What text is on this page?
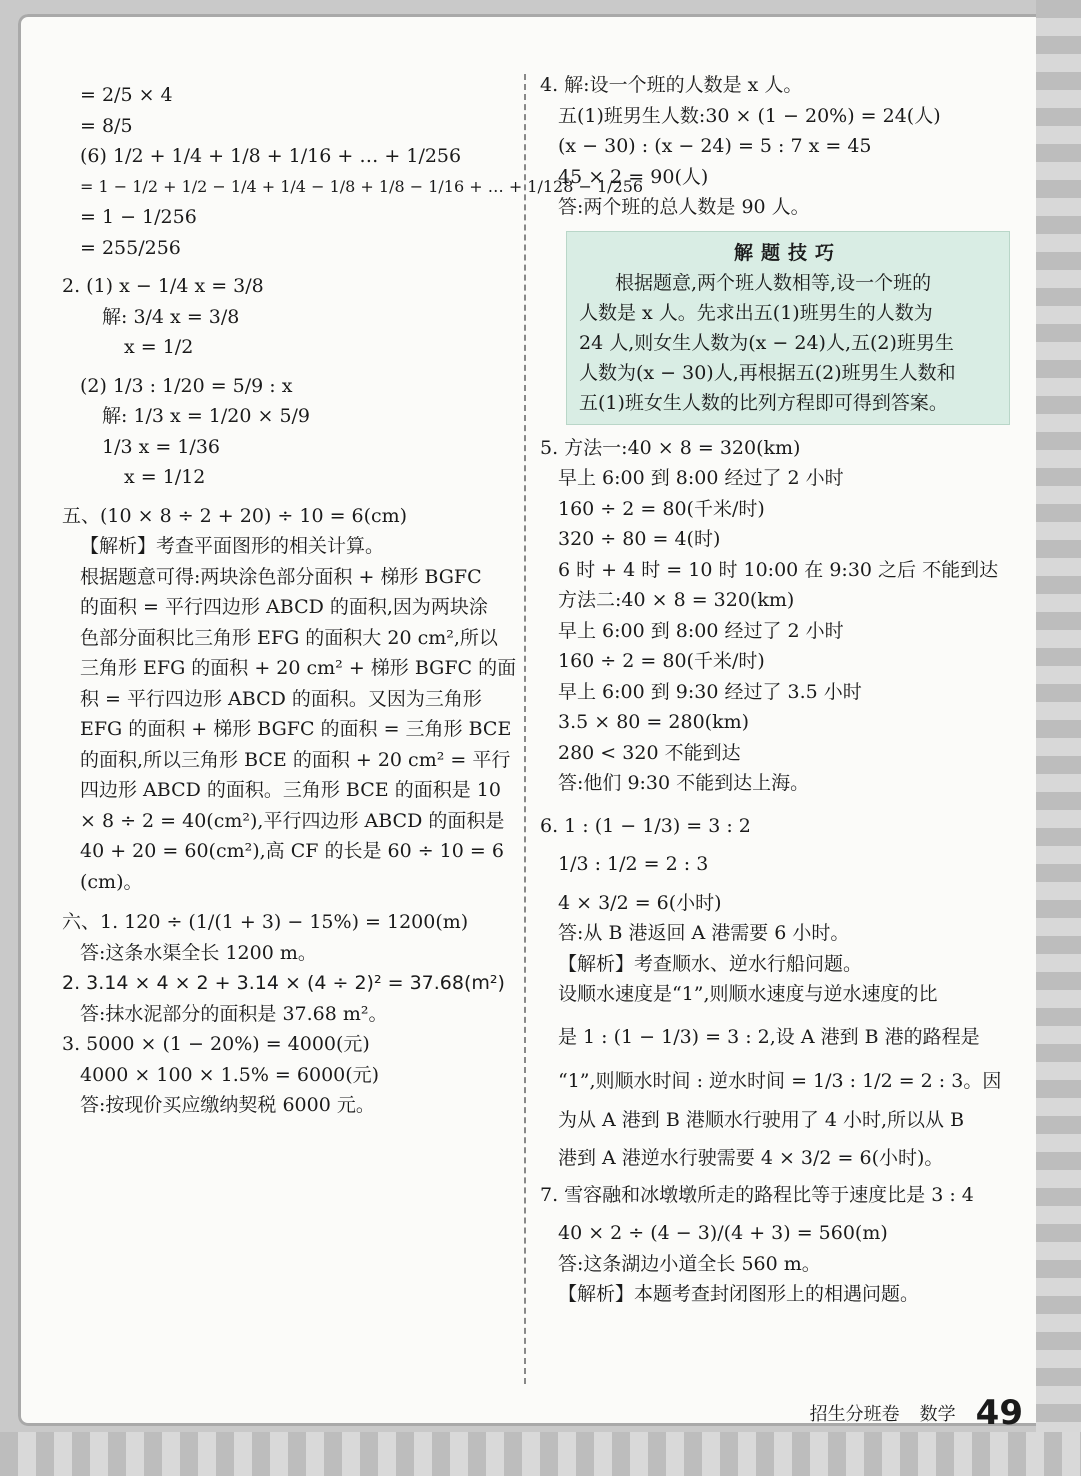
= 2/5 × 4
= 8/5
(6) 1/2 + 1/4 + 1/8 + 1/16 + … + 1/256
= 1 − 1/2 + 1/2 − 1/4 + 1/4 − 1/8 + 1/8 − 1/16 + … + 1/128 − 1/256
= 1 − 1/256
= 255/256
2. (1) x − 1/4 x = 3/8
解: 3/4 x = 3/8
x = 1/2
(2) 1/3 : 1/20 = 5/9 : x
解: 1/3 x = 1/20 × 5/9
1/3 x = 1/36
x = 1/12
五、(10 × 8 ÷ 2 + 20) ÷ 10 = 6(cm)
【解析】考查平面图形的相关计算。
根据题意可得:两块涂色部分面积 + 梯形 BGFC
的面积 = 平行四边形 ABCD 的面积,因为两块涂
色部分面积比三角形 EFG 的面积大 20 cm²,所以
三角形 EFG 的面积 + 20 cm² + 梯形 BGFC 的面
积 = 平行四边形 ABCD 的面积。又因为三角形
EFG 的面积 + 梯形 BGFC 的面积 = 三角形 BCE
的面积,所以三角形 BCE 的面积 + 20 cm² = 平行
四边形 ABCD 的面积。三角形 BCE 的面积是 10
× 8 ÷ 2 = 40(cm²),平行四边形 ABCD 的面积是
40 + 20 = 60(cm²),高 CF 的长是 60 ÷ 10 = 6
(cm)。
六、1. 120 ÷ (1/(1 + 3) − 15%) = 1200(m)
答:这条水渠全长 1200 m。
2. 3.14 × 4 × 2 + 3.14 × (4 ÷ 2)² = 37.68(m²)
答:抹水泥部分的面积是 37.68 m²。
3. 5000 × (1 − 20%) = 4000(元)
4000 × 100 × 1.5% = 6000(元)
答:按现价买应缴纳契税 6000 元。
4. 解:设一个班的人数是 x 人。
五(1)班男生人数:30 × (1 − 20%) = 24(人)
(x − 30) : (x − 24) = 5 : 7 x = 45
45 × 2 = 90(人)
答:两个班的总人数是 90 人。
解题技巧
根据题意,两个班人数相等,设一个班的
人数是 x 人。先求出五(1)班男生的人数为
24 人,则女生人数为(x − 24)人,五(2)班男生
人数为(x − 30)人,再根据五(2)班男生人数和
五(1)班女生人数的比列方程即可得到答案。
5. 方法一:40 × 8 = 320(km)
早上 6:00 到 8:00 经过了 2 小时
160 ÷ 2 = 80(千米/时)
320 ÷ 80 = 4(时)
6 时 + 4 时 = 10 时 10:00 在 9:30 之后 不能到达
方法二:40 × 8 = 320(km)
早上 6:00 到 8:00 经过了 2 小时
160 ÷ 2 = 80(千米/时)
早上 6:00 到 9:30 经过了 3.5 小时
3.5 × 80 = 280(km)
280 < 320 不能到达
答:他们 9:30 不能到达上海。
6. 1 : (1 − 1/3) = 3 : 2
1/3 : 1/2 = 2 : 3
4 × 3/2 = 6(小时)
答:从 B 港返回 A 港需要 6 小时。
【解析】考查顺水、逆水行船问题。
设顺水速度是“1”,则顺水速度与逆水速度的比
是 1 : (1 − 1/3) = 3 : 2,设 A 港到 B 港的路程是
“1”,则顺水时间 : 逆水时间 = 1/3 : 1/2 = 2 : 3。因
为从 A 港到 B 港顺水行驶用了 4 小时,所以从 B
港到 A 港逆水行驶需要 4 × 3/2 = 6(小时)。
7. 雪容融和冰墩墩所走的路程比等于速度比是 3 : 4
40 × 2 ÷ (4 − 3)/(4 + 3) = 560(m)
答:这条湖边小道全长 560 m。
【解析】本题考查封闭图形上的相遇问题。
招生分班卷 数学 49
